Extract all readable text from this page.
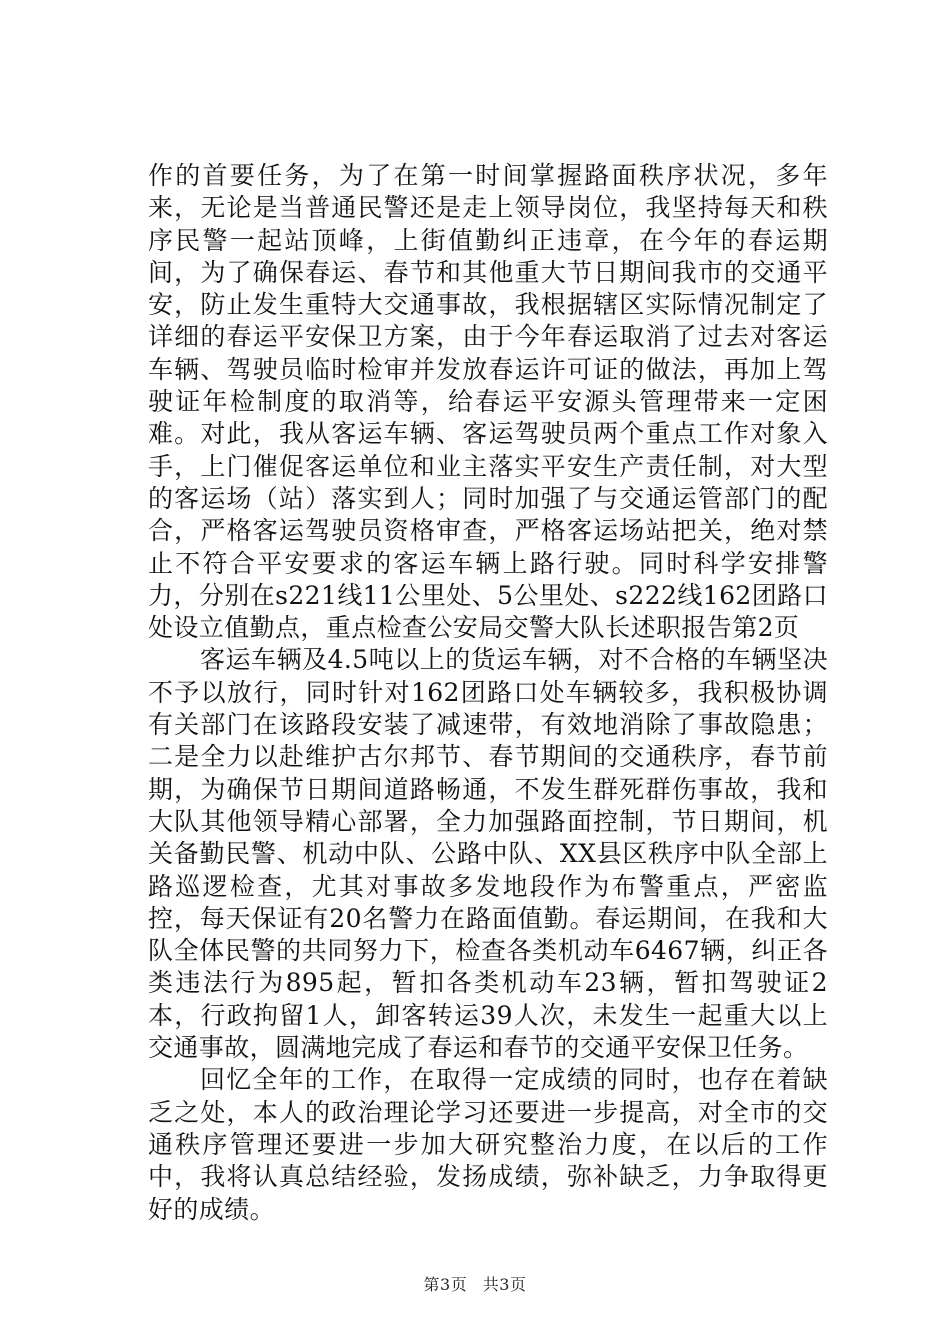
作的首要任务，为了在第一时间掌握路面秩序状况，多年来，无论是当普通民警还是走上领导岗位，我坚持每天和秩序民警一起站顶峰，上街值勤纠正违章，在今年的春运期间，为了确保春运、春节和其他重大节日期间我市的交通平安，防止发生重特大交通事故，我根据辖区实际情况制定了详细的春运平安保卫方案，由于今年春运取消了过去对客运车辆、驾驶员临时检审并发放春运许可证的做法，再加上驾驶证年检制度的取消等，给春运平安源头管理带来一定困难。对此，我从客运车辆、客运驾驶员两个重点工作对象入手，上门催促客运单位和业主落实平安生产责任制，对大型的客运场（站）落实到人；同时加强了与交通运管部门的配合，严格客运驾驶员资格审查，严格客运场站把关，绝对禁止不符合平安要求的客运车辆上路行驶。同时科学安排警力，分别在s221线11公里处、5公里处、s222线162团路口处设立值勤点，重点检查公安局交警大队长述职报告第2页

客运车辆及4.5吨以上的货运车辆，对不合格的车辆坚决不予以放行，同时针对162团路口处车辆较多，我积极协调有关部门在该路段安装了减速带，有效地消除了事故隐患；二是全力以赴维护古尔邦节、春节期间的交通秩序，春节前期，为确保节日期间道路畅通，不发生群死群伤事故，我和大队其他领导精心部署，全力加强路面控制，节日期间，机关备勤民警、机动中队、公路中队、XX县区秩序中队全部上路巡逻检查，尤其对事故多发地段作为布警重点，严密监控，每天保证有20名警力在路面值勤。春运期间，在我和大队全体民警的共同努力下，检查各类机动车6467辆，纠正各类违法行为895起，暂扣各类机动车23辆，暂扣驾驶证2本，行政拘留1人，卸客转运39人次，未发生一起重大以上交通事故，圆满地完成了春运和春节的交通平安保卫任务。

回忆全年的工作，在取得一定成绩的同时，也存在着缺乏之处，本人的政治理论学习还要进一步提高，对全市的交通秩序管理还要进一步加大研究整治力度，在以后的工作中，我将认真总结经验，发扬成绩，弥补缺乏，力争取得更好的成绩。

第3页 共3页
